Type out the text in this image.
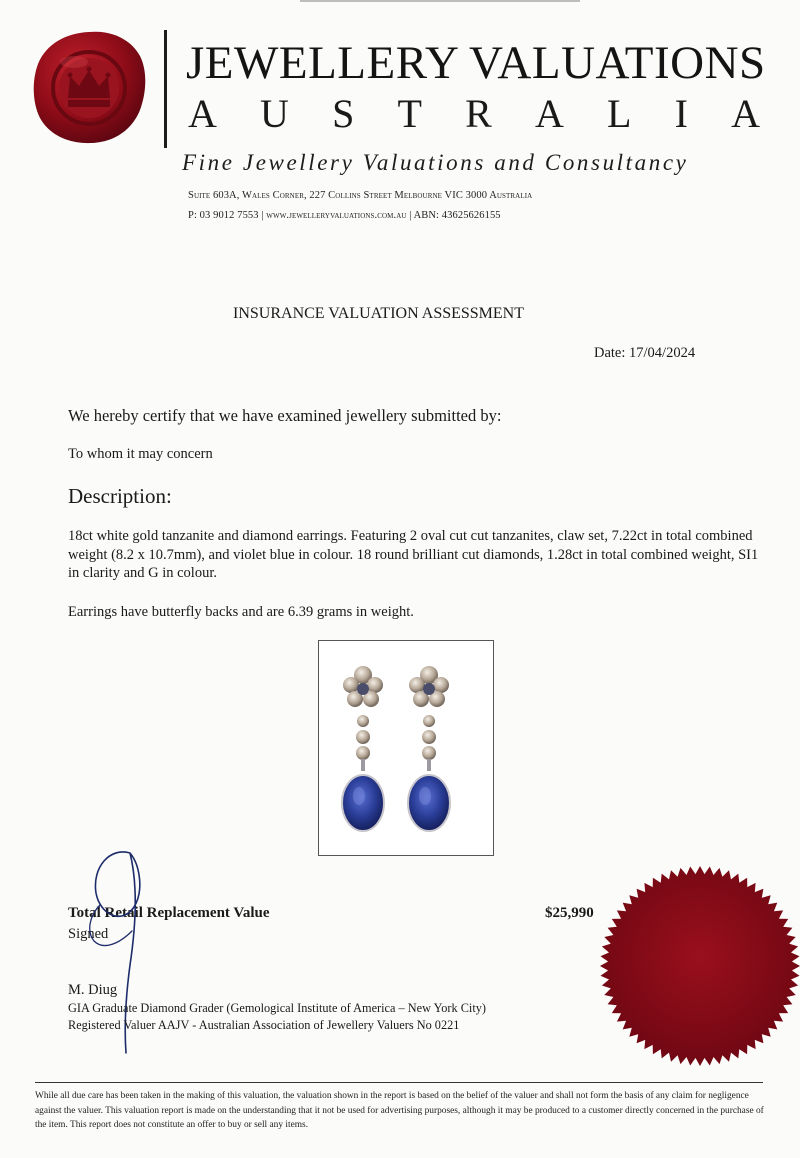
JEWELLERY VALUATIONS
A U S T R A L I A
Fine Jewellery Valuations and Consultancy
Suite 603A, Wales Corner, 227 Collins Street Melbourne VIC 3000 Australia
P: 03 9012 7553 | www.jewelleryvaluations.com.au | ABN: 43625626155
INSURANCE VALUATION ASSESSMENT
Date: 17/04/2024
We hereby certify that we have examined jewellery submitted by:
To whom it may concern
Description:
18ct white gold tanzanite and diamond earrings. Featuring 2 oval cut cut tanzanites, claw set, 7.22ct in total combined weight (8.2 x 10.7mm), and violet blue in colour. 18 round brilliant cut diamonds, 1.28ct in total combined weight, SI1 in clarity and G in colour.
Earrings have butterfly backs and are 6.39 grams in weight.
Total Retail Replacement Value	$25,990
Signed
M. Diug
GIA Graduate Diamond Grader (Gemological Institute of America – New York City)
Registered Valuer AAJV - Australian Association of Jewellery Valuers No 0221
While all due care has been taken in the making of this valuation, the valuation shown in the report is based on the belief of the valuer and shall not form the basis of any claim for negligence against the valuer. This valuation report is made on the understanding that it not be used for advertising purposes, although it may be produced to a customer directly concerned in the purchase of the item. This report does not constitute an offer to buy or sell any items.
